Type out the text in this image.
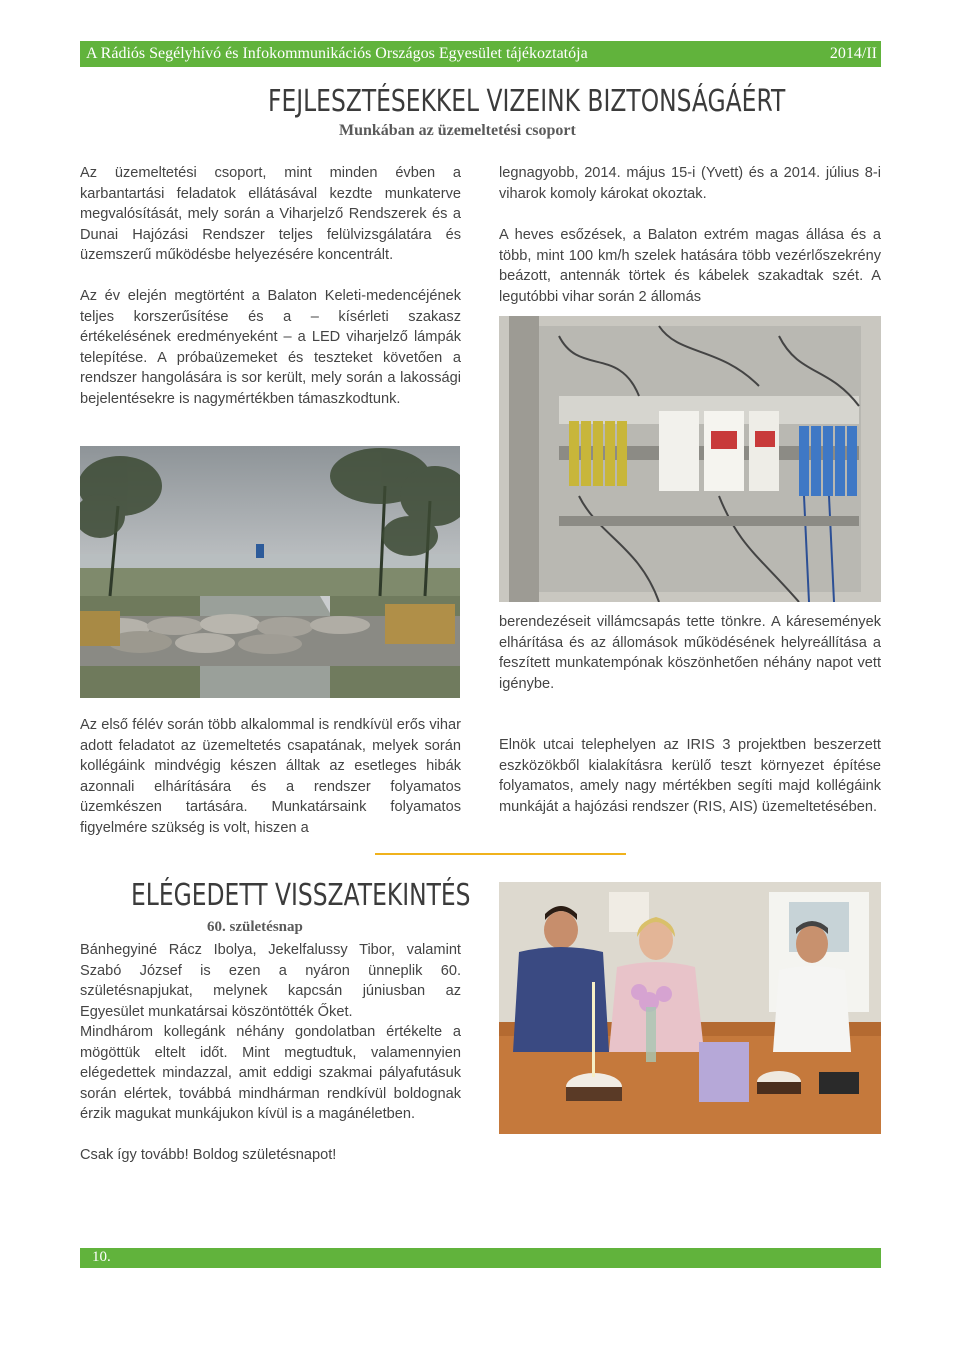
A Rádiós Segélyhívó és Infokommunikációs Országos Egyesület tájékoztatója	2014/II
FEJLESZTÉSEKKEL VIZEINK BIZTONSÁGÁÉRT
Munkában az üzemeltetési csoport

Az üzemeltetési csoport, mint minden évben a karbantartási feladatok ellátásával kezdte munkaterve megvalósítását, mely során a Viharjelző Rendszerek és a Dunai Hajózási Rendszer teljes felülvizsgálatára és üzemszerű működésbe helyezésére koncentrált.

Az év elején megtörtént a Balaton Keleti-medencéjének teljes korszerűsítése és a – kísérleti szakasz értékelésének eredményeként – a LED viharjelző lámpák telepítése. A próbaüzemeket és teszteket követően a rendszer hangolására is sor került, mely során a lakossági bejelentésekre is nagymértékben támaszkodtunk.

Az első félév során több alkalommal is rendkívül erős vihar adott feladatot az üzemeltetés csapatának, melyek során kollégáink mindvégig készen álltak az esetleges hibák azonnali elhárítására és a rendszer folyamatos üzemkészen tartására. Munkatársaink folyamatos figyelmére szükség is volt, hiszen a

legnagyobb, 2014. május 15-i (Yvett) és a 2014. július 8-i viharok komoly károkat okoztak.

A heves esőzések, a Balaton extrém magas állása és a több, mint 100 km/h szelek hatására több vezérlőszekrény beázott, antennák törtek és kábelek szakadtak szét. A legutóbbi vihar során 2 állomás

berendezéseit villámcsapás tette tönkre. A káresemények elhárítása és az állomások működésének helyreállítása a feszített munkatempónak köszönhetően néhány napot vett igénybe.

Elnök utcai telephelyen az IRIS 3 projektben beszerzett eszközökből kialakításra kerülő teszt környezet építése folyamatos, amely nagy mértékben segíti majd kollégáink munkáját a hajózási rendszer (RIS, AIS) üzemeltetésében.

ELÉGEDETT VISSZATEKINTÉS
60. születésnap

Bánhegyiné Rácz Ibolya, Jekelfalussy Tibor, valamint Szabó József is ezen a nyáron ünneplik 60. születésnapjukat, melynek kapcsán júniusban az Egyesület munkatársai köszöntötték Őket.

Mindhárom kollegánk néhány gondolatban értékelte a mögöttük eltelt időt. Mint megtudtuk, valamennyien elégedettek mindazzal, amit eddigi szakmai pályafutásuk során elértek, továbbá mindhárman rendkívül boldognak érzik magukat munkájukon kívül is a magánéletben.

Csak így tovább! Boldog születésnapot!

10.
